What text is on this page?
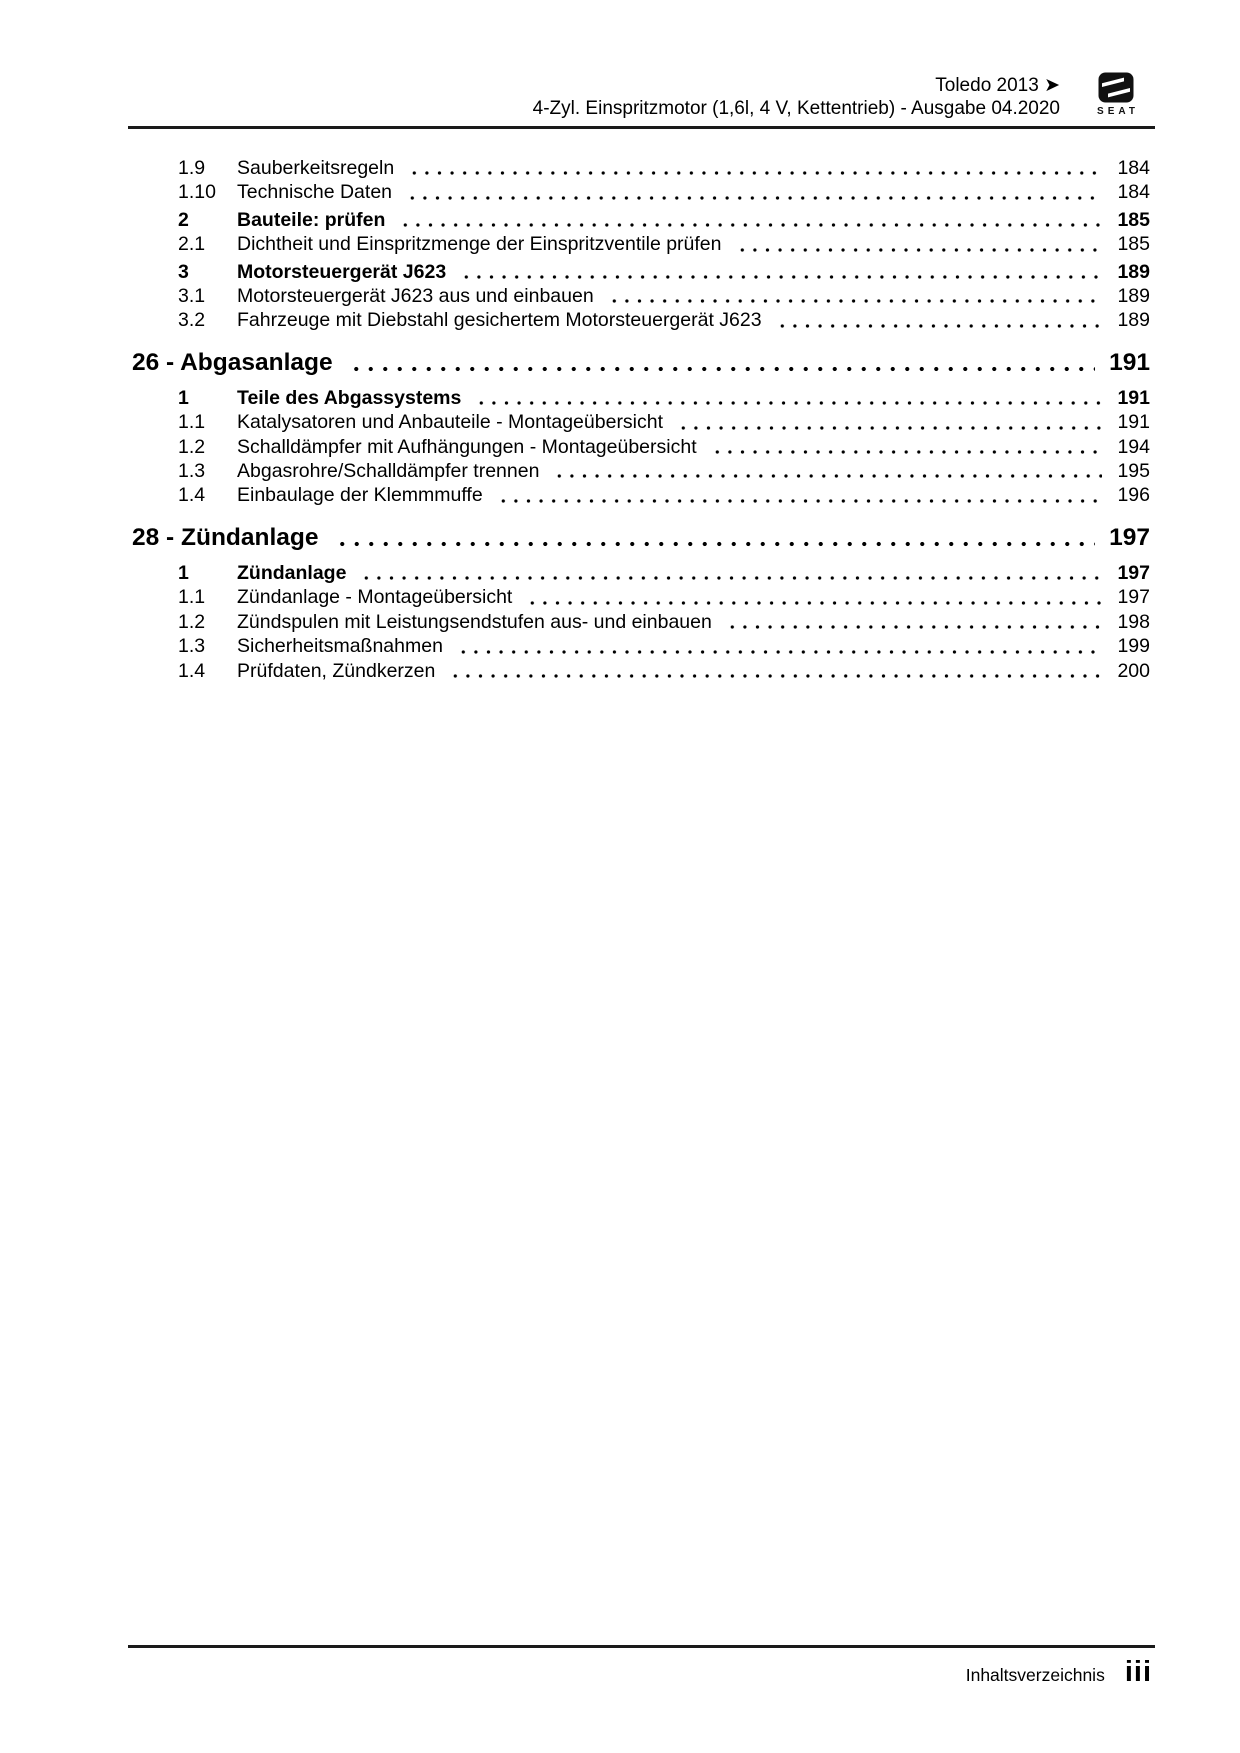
Toledo 2013 ➤
4-Zyl. Einspritzmotor (1,6l, 4 V, Kettentrieb) - Ausgabe 04.2020	SEAT
1.9	Sauberkeitsregeln	184
1.10	Technische Daten	184
2	Bauteile: prüfen	185
2.1	Dichtheit und Einspritzmenge der Einspritzventile prüfen	185
3	Motorsteuergerät J623	189
3.1	Motorsteuergerät J623 aus und einbauen	189
3.2	Fahrzeuge mit Diebstahl gesichertem Motorsteuergerät J623	189
26 - Abgasanlage	191
1	Teile des Abgassystems	191
1.1	Katalysatoren und Anbauteile - Montageübersicht	191
1.2	Schalldämpfer mit Aufhängungen - Montageübersicht	194
1.3	Abgasrohre/Schalldämpfer trennen	195
1.4	Einbaulage der Klemmmuffe	196
28 - Zündanlage	197
1	Zündanlage	197
1.1	Zündanlage - Montageübersicht	197
1.2	Zündspulen mit Leistungsendstufen aus- und einbauen	198
1.3	Sicherheitsmaßnahmen	199
1.4	Prüfdaten, Zündkerzen	200
Inhaltsverzeichnis iii
